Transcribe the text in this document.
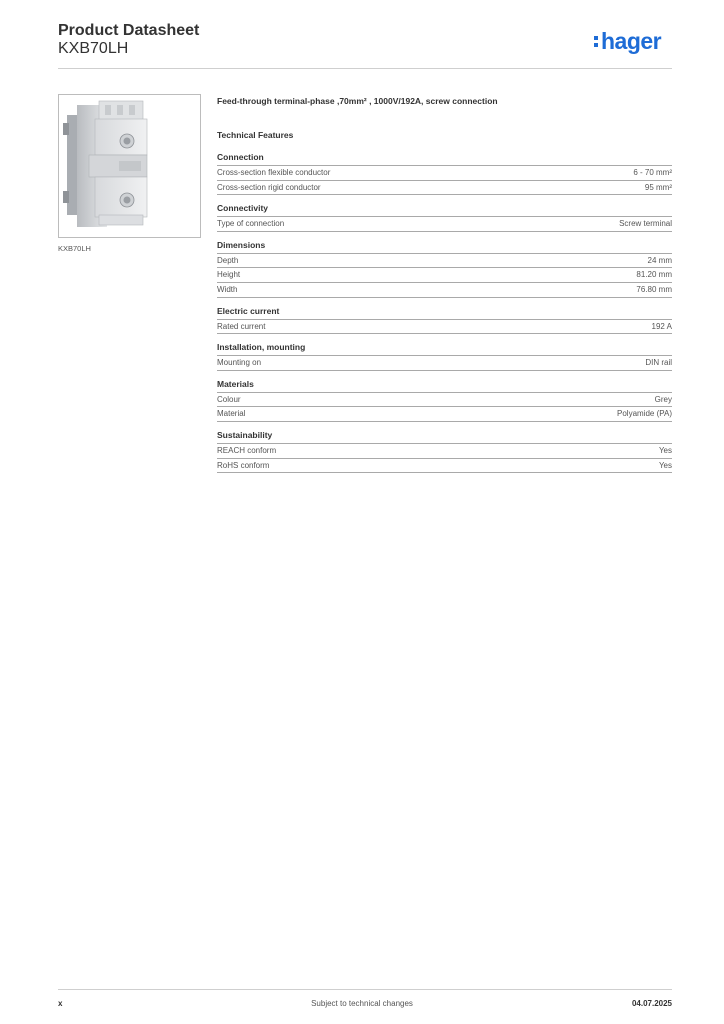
Product Datasheet
KXB70LH	hager
KXB70LH
Feed-through terminal-phase ,70mm² , 1000V/192A, screw connection
Technical Features
Connection
Cross-section flexible conductor	6 - 70 mm²
Cross-section rigid conductor	95 mm²
Connectivity
Type of connection	Screw terminal
Dimensions
Depth	24 mm
Height	81.20 mm
Width	76.80 mm
Electric current
Rated current	192 A
Installation, mounting
Mounting on	DIN rail
Materials
Colour	Grey
Material	Polyamide (PA)
Sustainability
REACH conform	Yes
RoHS conform	Yes
x	Subject to technical changes	04.07.2025
